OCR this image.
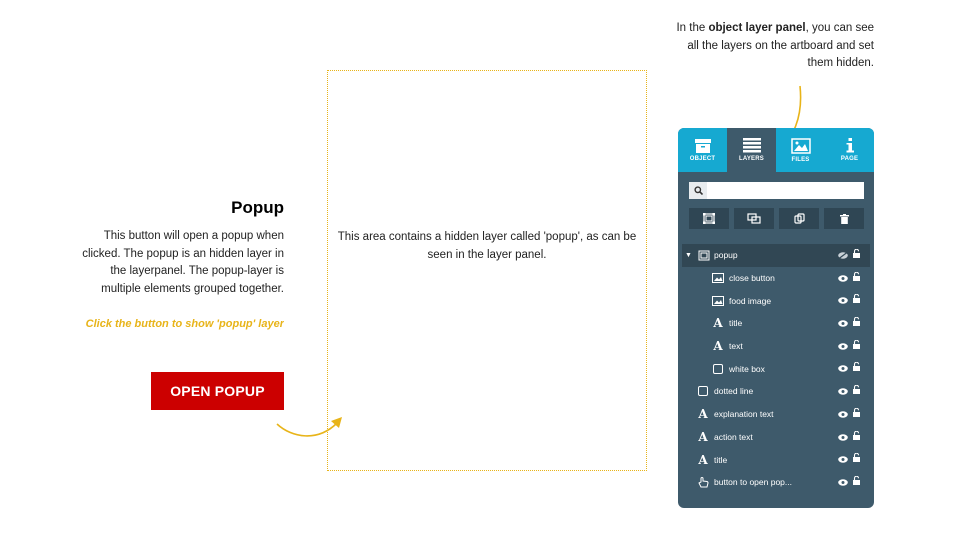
In the object layer panel, you can see all the layers on the artboard and set them hidden.
Popup

This button will open a popup when clicked. The popup is an hidden layer in the layerpanel. The popup-layer is multiple elements grouped together.

Click the button to show 'popup' layer

OPEN POPUP

This area contains a hidden layer called 'popup', as can be seen in the layer panel.

OBJECT	LAYERS	FILES	PAGE
▼	popup
close button
food image
A title
A text
white box
dotted line
A explanation text
A action text
A title
button to open pop...
